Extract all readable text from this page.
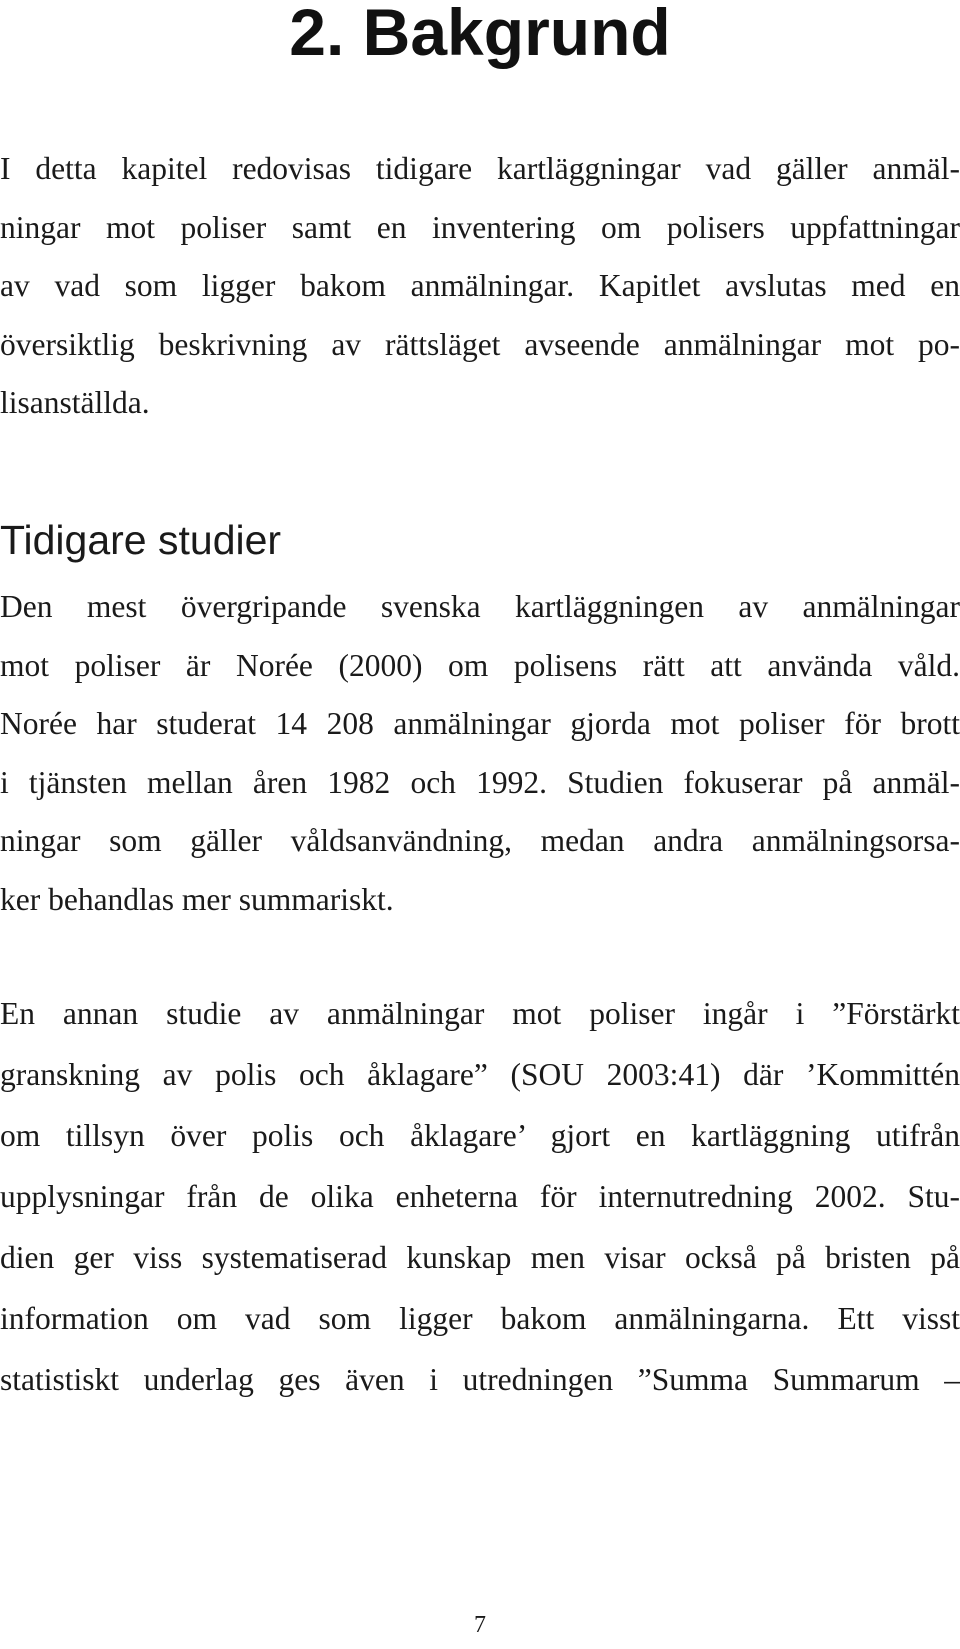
2. Bakgrund

I detta kapitel redovisas tidigare kartläggningar vad gäller anmäl-
ningar mot poliser samt en inventering om polisers uppfattningar
av vad som ligger bakom anmälningar. Kapitlet avslutas med en
översiktlig beskrivning av rättsläget avseende anmälningar mot po-
lisanställda.

Tidigare studier

Den mest övergripande svenska kartläggningen av anmälningar
mot poliser är Norée (2000) om polisens rätt att använda våld.
Norée har studerat 14 208 anmälningar gjorda mot poliser för brott
i tjänsten mellan åren 1982 och 1992. Studien fokuserar på anmäl-
ningar som gäller våldsanvändning, medan andra anmälningsorsa-
ker behandlas mer summariskt.

En annan studie av anmälningar mot poliser ingår i ”Förstärkt
granskning av polis och åklagare” (SOU 2003:41) där ’Kommittén
om tillsyn över polis och åklagare’ gjort en kartläggning utifrån
upplysningar från de olika enheterna för internutredning 2002. Stu-
dien ger viss systematiserad kunskap men visar också på bristen på
information om vad som ligger bakom anmälningarna. Ett visst
statistiskt underlag ges även i utredningen ”Summa Summarum –

7
